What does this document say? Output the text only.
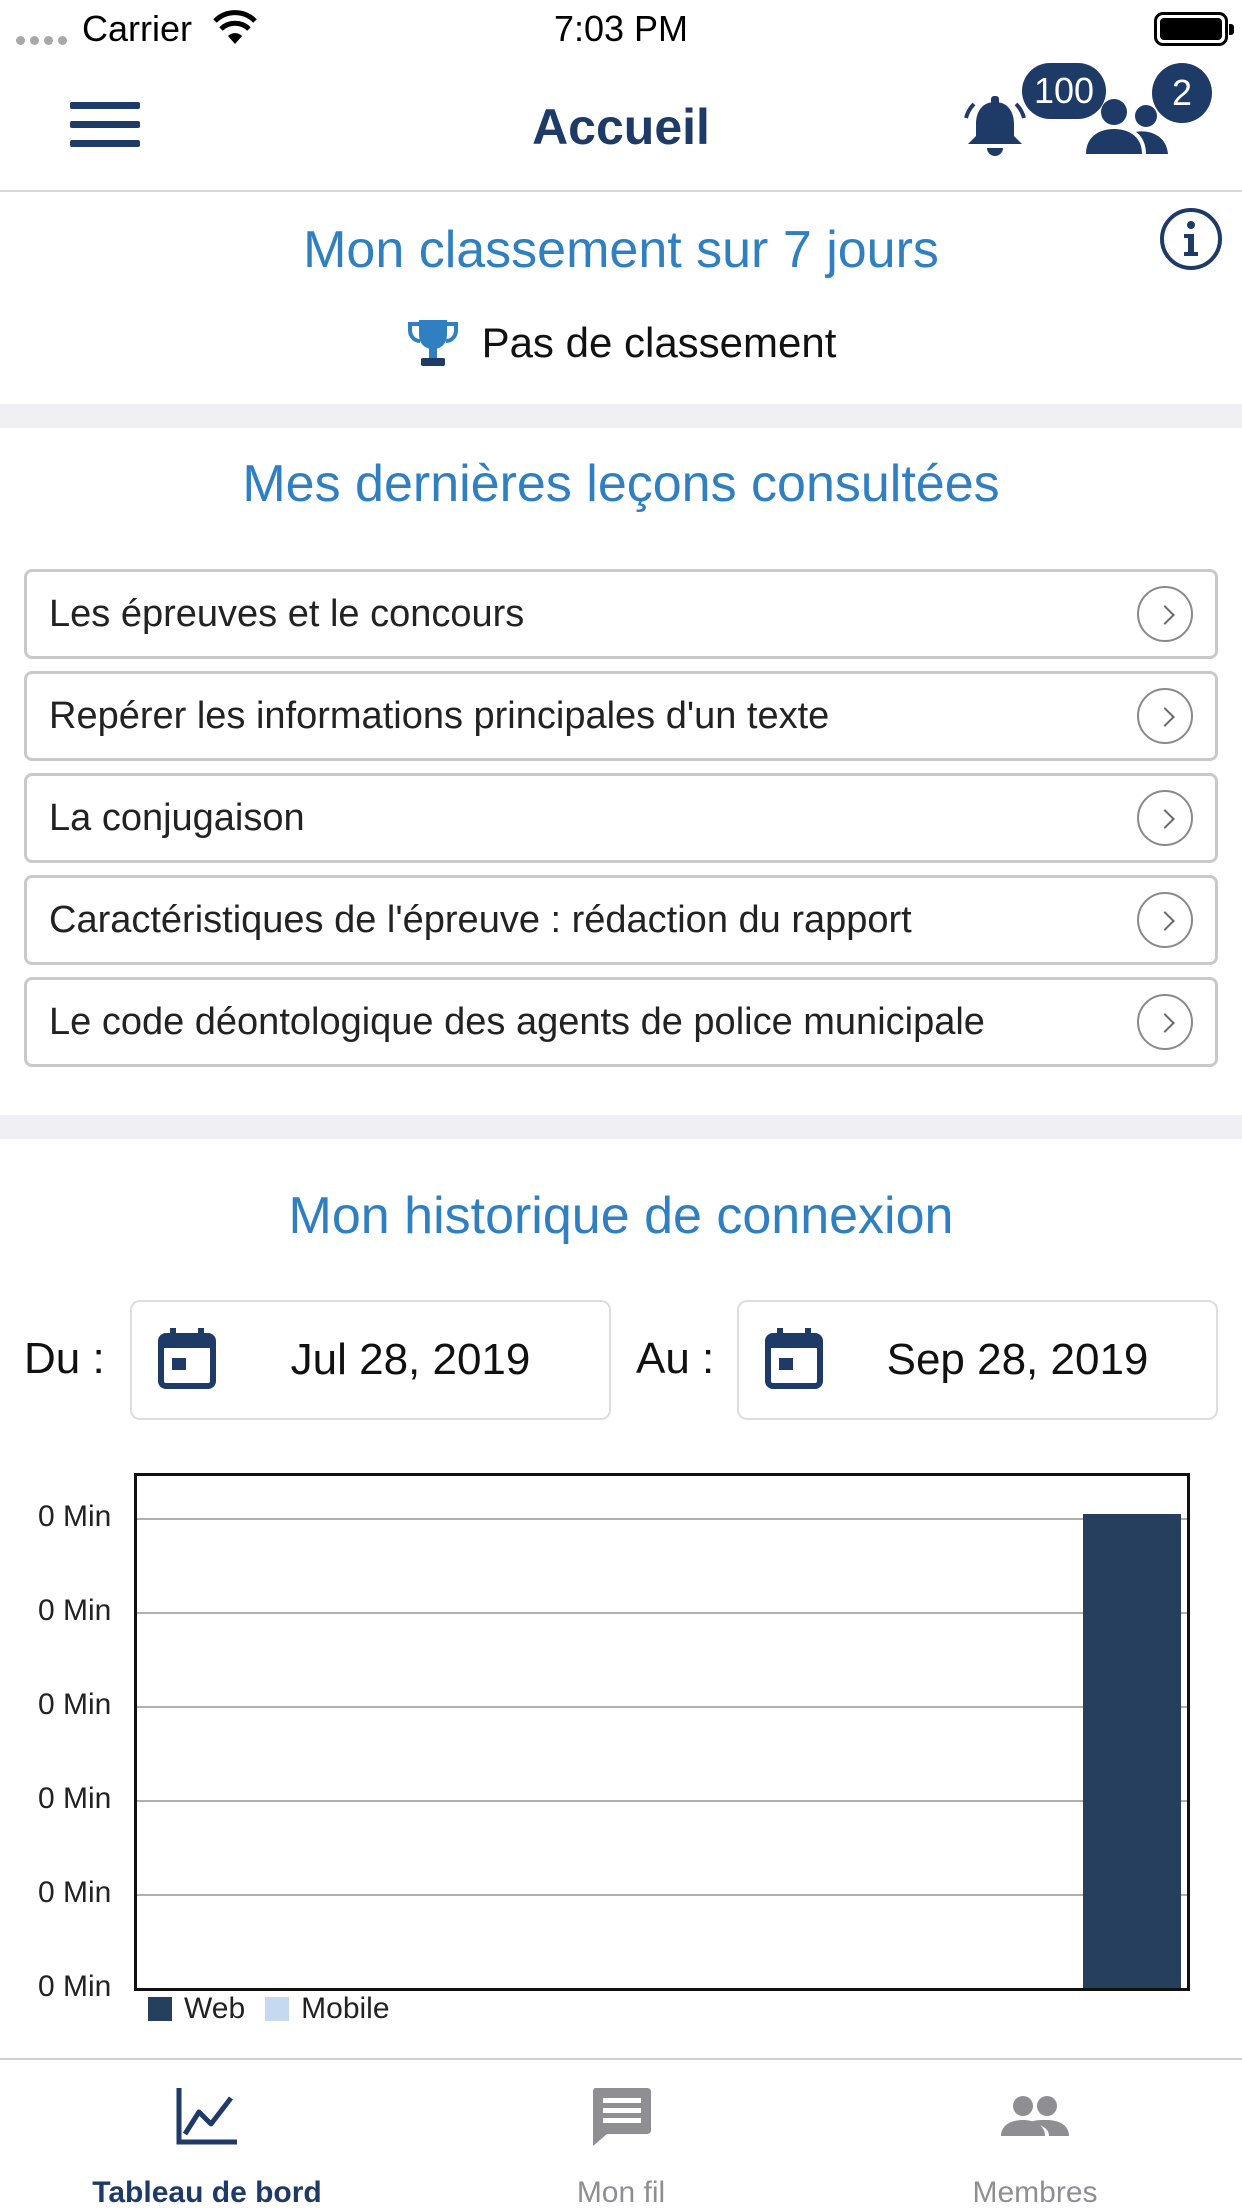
Carrier	7:03 PM
Accueil
100	2
Mon classement sur 7 jours
Pas de classement
Mes dernières leçons consultées
Les épreuves et le concours
Repérer les informations principales d'un texte
La conjugaison
Caractéristiques de l'épreuve : rédaction du rapport
Le code déontologique des agents de police municipale
Mon historique de connexion
Du :	Jul 28, 2019	Au :	Sep 28, 2019
0 Min
0 Min
0 Min
0 Min
0 Min
0 Min
Web Mobile
Tableau de bord	Mon fil	Membres
